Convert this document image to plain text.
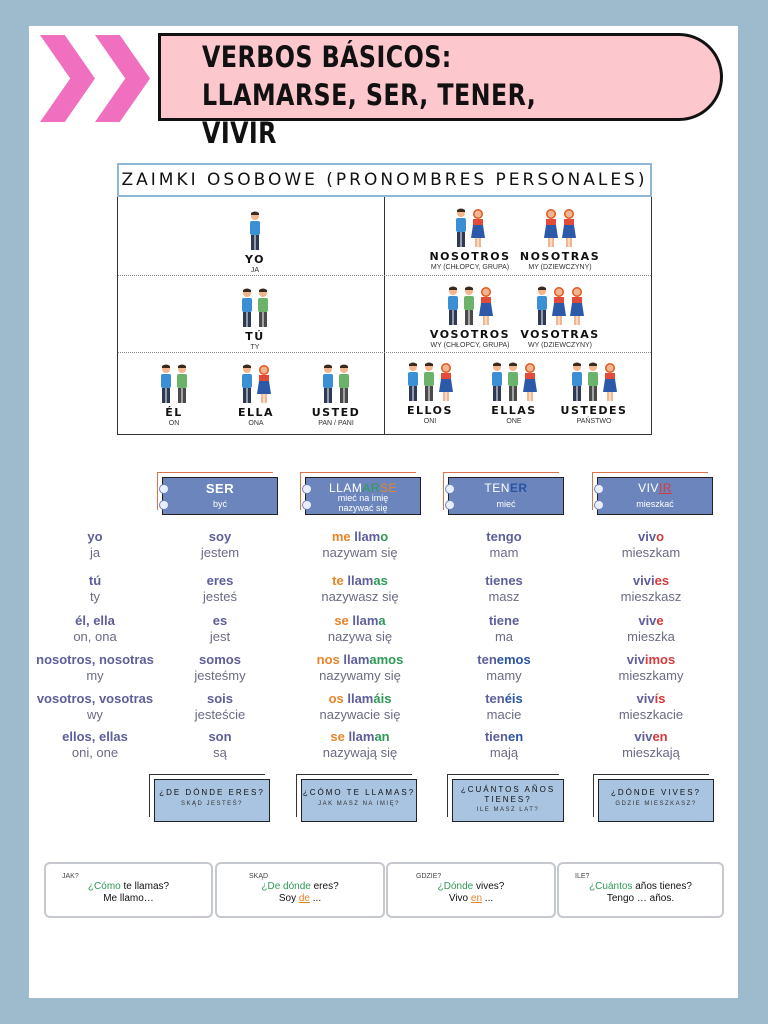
VERBOS BÁSICOS: LLAMARSE, SER, TENER, VIVIR
ZAIMKI OSOBOWE (PRONOMBRES PERSONALES)
YO
JA
TÚ
TY
ÉL
ON
ELLA
ONA
USTED
PAN / PANI
NOSOTROS
MY (CHŁOPCY, GRUPA)
NOSOTRAS
MY (DZIEWCZYNY)
VOSOTROS
WY (CHŁOPCY, GRUPA)
VOSOTRAS
WY (DZIEWCZYNY)
ELLOS
ONI
ELLAS
ONE
USTEDES
PAŃSTWO
SER
być
LLAMARSE
mieć na imię
nazywać się
TENER
mieć
VIVIR
mieszkać
yo
ja
soy
jestem
me llamo
nazywam się
tengo
mam
vivo
mieszkam
tú
ty
eres
jesteś
te llamas
nazywasz się
tienes
masz
vivies
mieszkasz
él, ella
on, ona
es
jest
se llama
nazywa się
tiene
ma
vive
mieszka
nosotros, nosotras
my
somos
jesteśmy
nos llamamos
nazywamy się
tenemos
mamy
vivimos
mieszkamy
vosotros, vosotras
wy
sois
jesteście
os llamáis
nazywacie się
tenéis
macie
vivís
mieszkacie
ellos, ellas
oni, one
son
są
se llaman
nazywają się
tienen
mają
viven
mieszkają
¿DE DÓNDE ERES?
SKĄD JESTEŚ?
¿CÓMO TE LLAMAS?
JAK MASZ NA IMIĘ?
¿CUÁNTOS AÑOS TIENES?
ILE MASZ LAT?
¿DÓNDE VIVES?
GDZIE MIESZKASZ?
JAK?
¿Cómo te llamas?
Me llamo…
SKĄD
¿De dónde eres?
Soy de ...
GDZIE?
¿Dónde vives?
Vivo en ...
ILE?
¿Cuántos años tienes?
Tengo … años.
